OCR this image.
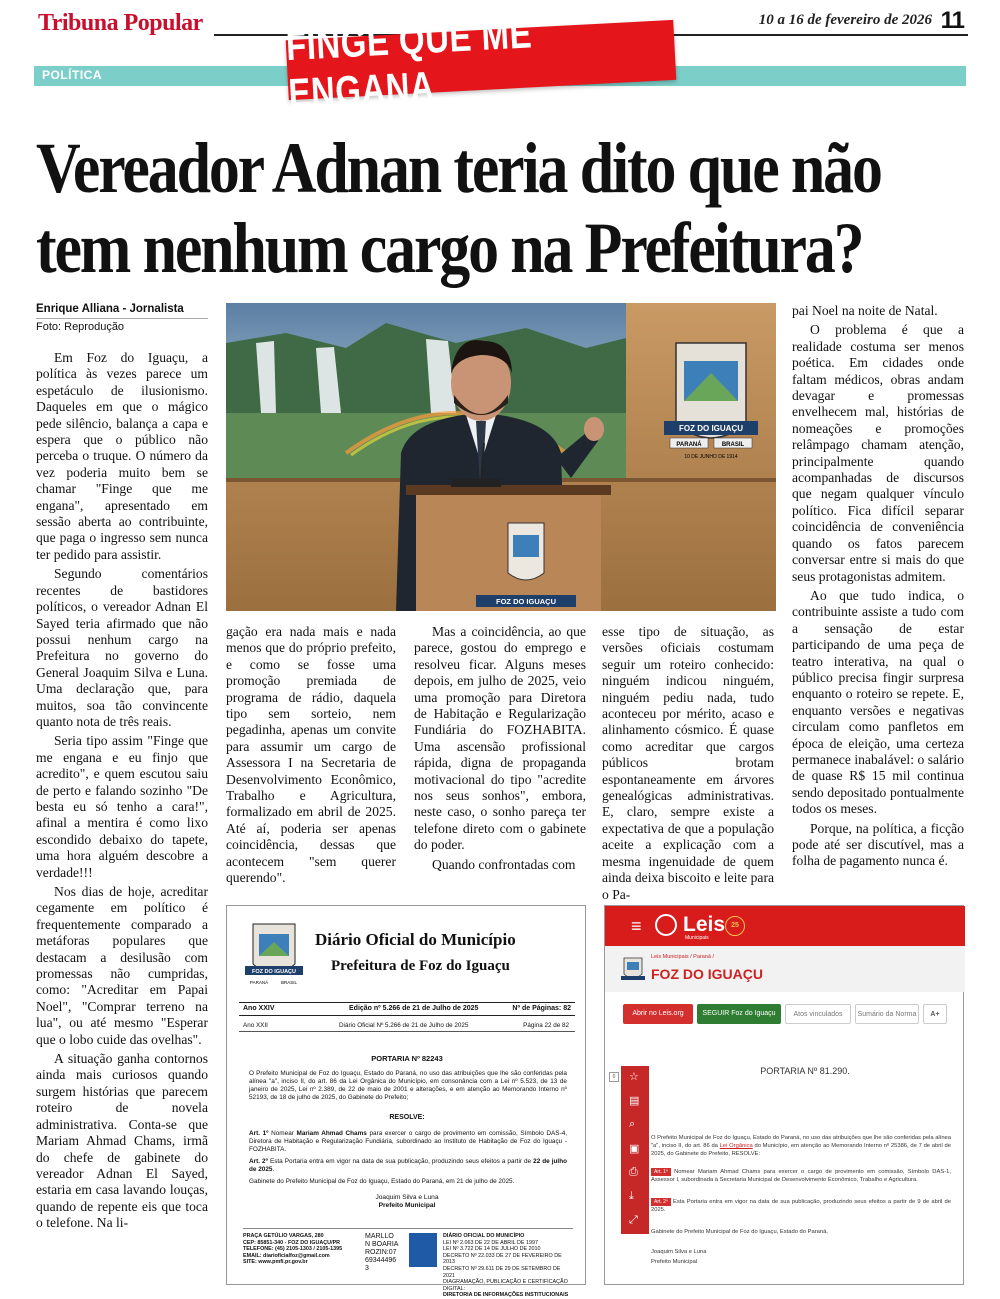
Tribuna Popular	10 a 16 de fevereiro de 2026 11
POLÍTICA
FINGE QUE ME ENGANA
Vereador Adnan teria dito que não
tem nenhum cargo na Prefeitura?
Enrique Alliana - Jornalista
Foto: Reprodução

Em Foz do Iguaçu, a política às vezes parece um espetáculo de ilusionismo. Daqueles em que o mágico pede silêncio, balança a capa e espera que o público não perceba o truque. O número da vez poderia muito bem se chamar "Finge que me engana", apresentado em sessão aberta ao contribuinte, que paga o ingresso sem nunca ter pedido para assistir.

Segundo comentários recentes de bastidores políticos, o vereador Adnan El Sayed teria afirmado que não possui nenhum cargo na Prefeitura no governo do General Joaquim Silva e Luna. Uma declaração que, para muitos, soa tão convincente quanto nota de três reais.

Seria tipo assim "Finge que me engana e eu finjo que acredito", e quem escutou saiu de perto e falando sozinho "De besta eu só tenho a cara!", afinal a mentira é como lixo escondido debaixo do tapete, uma hora alguém descobre a verdade!!!

Nos dias de hoje, acreditar cegamente em político é frequentemente comparado a metáforas populares que destacam a desilusão com promessas não cumpridas, como: "Acreditar em Papai Noel", "Comprar terreno na lua", ou até mesmo "Esperar que o lobo cuide das ovelhas".

A situação ganha contornos ainda mais curiosos quando surgem histórias que parecem roteiro de novela administrativa. Conta-se que Mariam Ahmad Chams, irmã do chefe de gabinete do vereador Adnan El Sayed, estaria em casa lavando louças, quando de repente eis que toca o telefone. Na li-

gação era nada mais e nada menos que do próprio prefeito, e como se fosse uma promoção premiada de programa de rádio, daquela tipo sem sorteio, nem pegadinha, apenas um convite para assumir um cargo de Assessora I na Secretaria de Desenvolvimento Econômico, Trabalho e Agricultura, formalizado em abril de 2025. Até aí, poderia ser apenas coincidência, dessas que acontecem "sem querer querendo".

Mas a coincidência, ao que parece, gostou do emprego e resolveu ficar. Alguns meses depois, em julho de 2025, veio uma promoção para Diretora de Habitação e Regularização Fundiária do FOZHABITA. Uma ascensão profissional rápida, digna de propaganda motivacional do tipo "acredite nos seus sonhos", embora, neste caso, o sonho pareça ter telefone direto com o gabinete do poder.

Quando confrontadas com

esse tipo de situação, as versões oficiais costumam seguir um roteiro conhecido: ninguém indicou ninguém, ninguém pediu nada, tudo aconteceu por mérito, acaso e alinhamento cósmico. É quase como acreditar que cargos públicos brotam espontaneamente em árvores genealógicas administrativas. E, claro, sempre existe a expectativa de que a população aceite a explicação com a mesma ingenuidade de quem ainda deixa biscoito e leite para o Pa-

pai Noel na noite de Natal.

O problema é que a realidade costuma ser menos poética. Em cidades onde faltam médicos, obras andam devagar e promessas envelhecem mal, histórias de nomeações e promoções relâmpago chamam atenção, principalmente quando acompanhadas de discursos que negam qualquer vínculo político. Fica difícil separar coincidência de conveniência quando os fatos parecem conversar entre si mais do que seus protagonistas admitem.

Ao que tudo indica, o contribuinte assiste a tudo com a sensação de estar participando de uma peça de teatro interativa, na qual o público precisa fingir surpresa enquanto o roteiro se repete. E, enquanto versões e negativas circulam como panfletos em época de eleição, uma certeza permanece inabalável: o salário de quase R$ 15 mil continua sendo depositado pontualmente todos os meses.

Porque, na política, a ficção pode até ser discutível, mas a folha de pagamento nunca é.

FOZ DO IGUAÇU
PARANÁ	BRASIL
10 DE JUNHO DE 1914
FOZ DO IGUAÇU
FOZ DO IGUAÇU
PARANÁ	BRASIL
Diário Oficial do Município
Prefeitura de Foz do Iguaçu
Ano XXIV	Edição nº 5.266 de 21 de Julho de 2025	Nº de Páginas: 82
Ano XXII	Diário Oficial Nº 5.266 de 21 de Julho de 2025	Página 22 de 82
PORTARIA Nº 82243
O Prefeito Municipal de Foz do Iguaçu, Estado do Paraná, no uso das atribuições que lhe são conferidas pela alínea "a", inciso II, do art. 86 da Lei Orgânica do Município, em consonância com a Lei nº 5.523, de 13 de janeiro de 2025, Lei nº 2.389, de 22 de maio de 2001 e alterações, e em atenção ao Memorando Interno nº 52193, de 18 de julho de 2025, do Gabinete do Prefeito;
RESOLVE:
Art. 1º Nomear Mariam Ahmad Chams para exercer o cargo de provimento em comissão, Símbolo DAS-4, Diretora de Habitação e Regularização Fundiária, subordinado ao Instituto de Habitação de Foz do Iguaçu - FOZHABITA.
Art. 2º Esta Portaria entra em vigor na data de sua publicação, produzindo seus efeitos a partir de 22 de julho de 2025.
Gabinete do Prefeito Municipal de Foz do Iguaçu, Estado do Paraná, em 21 de julho de 2025.
Joaquim Silva e Luna
Prefeito Municipal
PRAÇA GETÚLIO VARGAS, 280
CEP: 85851-340 - FOZ DO IGUAÇU/PR
TELEFONE: (45) 2105-1303 / 2105-1395
EMAIL: diarioficialfoz@gmail.com
SITE: www.pmfi.pr.gov.br
MARLLO
N BOARIA
ROZIN:07
69344496
3
DIÁRIO OFICIAL DO MUNICÍPIO
LEI Nº 2.063 DE 22 DE ABRIL DE 1997
LEI Nº 3.722 DE 14 DE JULHO DE 2010
DECRETO Nº 22.033 DE 27 DE FEVEREIRO DE 2013
DECRETO Nº 29.611 DE 29 DE SETEMBRO DE 2021
DIAGRAMAÇÃO, PUBLICAÇÃO E CERTIFICAÇÃO DIGITAL:
DIRETORIA DE INFORMAÇÕES INSTITUCIONAIS
≡ Leis
Municipais
25
Leis Municipais / Paraná /
FOZ DO IGUAÇU
Abrir no Leis.org	SEGUIR Foz do Iguaçu	Atos vinculados	Sumário da Norma	A+
0	☆
▤
⌕
▣
⎙
⤓
⤢
PORTARIA Nº 81.290.
O Prefeito Municipal de Foz do Iguaçu, Estado do Paraná, no uso das atribuições que lhe são conferidas pela alínea "a", inciso II, do art. 86 da Lei Orgânica do Município, em atenção ao Memorando Interno nº 25386, de 7 de abril de 2025, do Gabinete do Prefeito, RESOLVE:
Art. 1º Nomear Mariam Ahmad Chams para exercer o cargo de provimento em comissão, Símbolo DAS-1, Assessor I, subordinada à Secretaria Municipal de Desenvolvimento Econômico, Trabalho e Agricultura.
Art. 2º Esta Portaria entra em vigor na data de sua publicação, produzindo seus efeitos a partir de 9 de abril de 2025.
Gabinete do Prefeito Municipal de Foz do Iguaçu, Estado do Paraná,
Joaquim Silva e Luna
Prefeito Municipal
